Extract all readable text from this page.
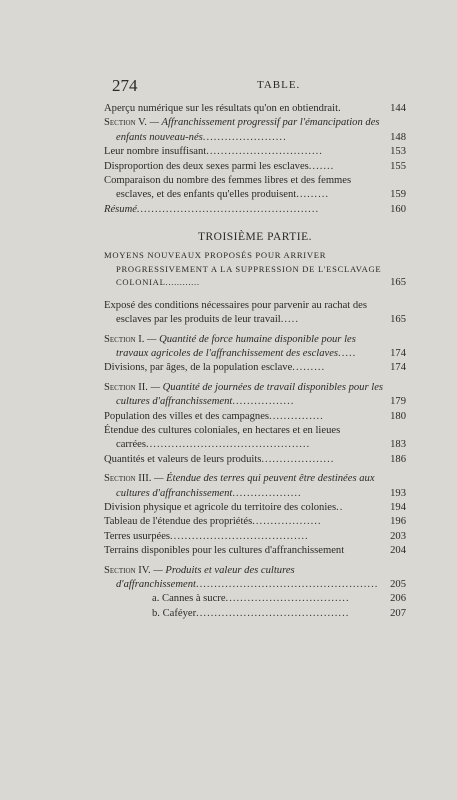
274	TABLE.
Aperçu numérique sur les résultats qu'on en obtiendrait.	144
Section V. — Affranchissement progressif par l'émancipation des enfants nouveau-nés.......................	148
Leur nombre insuffisant................................	153
Disproportion des deux sexes parmi les esclaves.......	155
Comparaison du nombre des femmes libres et des femmes esclaves, et des enfants qu'elles produisent.........	159
Résumé..................................................	160
TROISIÈME PARTIE.
MOYENS NOUVEAUX PROPOSÉS POUR ARRIVER PROGRESSIVEMENT A LA SUPPRESSION DE L'ESCLAVAGE COLONIAL............	165
Exposé des conditions nécessaires pour parvenir au rachat des esclaves par les produits de leur travail.....	165
Section I. — Quantité de force humaine disponible pour les travaux agricoles de l'affranchissement des esclaves.....	174
Divisions, par âges, de la population esclave.........	174
Section II. — Quantité de journées de travail disponibles pour les cultures d'affranchissement.................	179
Population des villes et des campagnes...............	180
Étendue des cultures coloniales, en hectares et en lieues carrées.............................................	183
Quantités et valeurs de leurs produits....................	186
Section III. — Étendue des terres qui peuvent être destinées aux cultures d'affranchissement...................	193
Division physique et agricole du territoire des colonies..	194
Tableau de l'étendue des propriétés...................	196
Terres usurpées......................................	203
Terrains disponibles pour les cultures d'affranchissement	204
Section IV. — Produits et valeur des cultures d'affranchissement.................................................. 205
a. Cannes à sucre..................................	206
b. Caféyer..........................................	207
